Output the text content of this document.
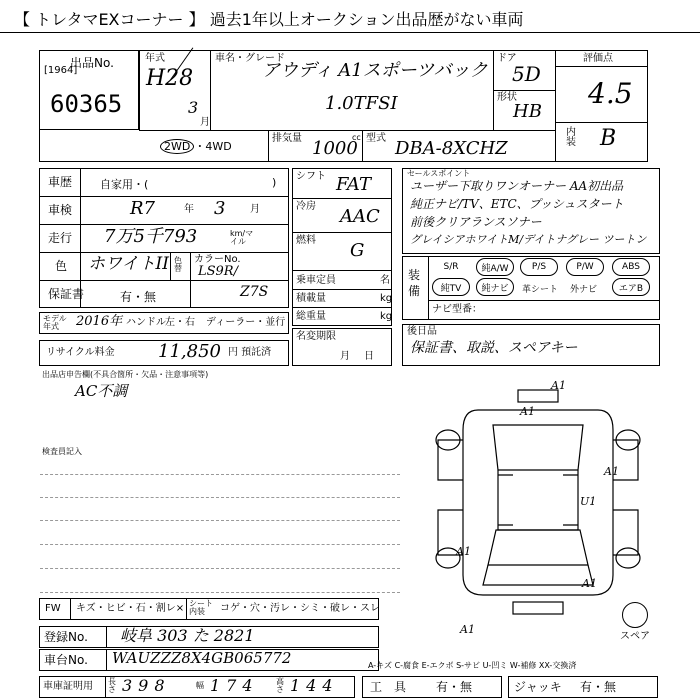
【 トレタマEXコーナー 】 過去1年以上オークション出品歴がない車両
出品No.
[1964]
60365
年式
H28
3
月
車名・グレード
アウディ A1スポーツバック
1.0TFSI
ドア
5D
形状
HB
評価点
4.5
内装 B
2WD ・4WD
排気量 1000
cc 型式 DBA-8XCHZ
車歴	自家用・(	)
車検	R7	年 3 月
走行 7万5千793	km/マイル
色 ホワイトII 色替
カラーNo.
LS9R/
保証書	有・無	Z7S
モデル年式	2016年 ハンドル 左・右 ディーラー・並行
リサイクル料金 11,850 円 預託済
シフト FAT
冷房 AAC
燃料 G
乗車定員	名
積載量	kg
総重量	kg
名変期限
月日
セールスポイント
ユーザー下取りワンオーナー AA初出品
純正ナビ/TV、ETC、プッシュスタート
前後クリアランスソナー
グレイシアホワイトM/デイトナグレー ツートン
装備
S/R	純A/W	P/S	P/W	ABS
純TV	純ナビ	革シート 外ナビ	エアB
ナビ型番：
後日品
保証書、取説、スペアキー
出品店申告欄(不具合箇所・欠品・注意事項等)
AC不調
検査員記入
A1
A1
A1
U1
A1
A1
A1
スペア
FW キズ・ヒビ・石・割レ× シート内装	コゲ・穴・汚レ・シミ・破レ・スレ
登録No. 岐阜 303 た 2821
車台No. WAUZZZ8X4GB065772	A-キズ C-腐食 E-エクボ S-サビ U-凹ミ W-補修 XX-交換済
車庫証明用 長さ 398	幅 174 高さ 144	工　具 有・無	ジャッキ 有・無
